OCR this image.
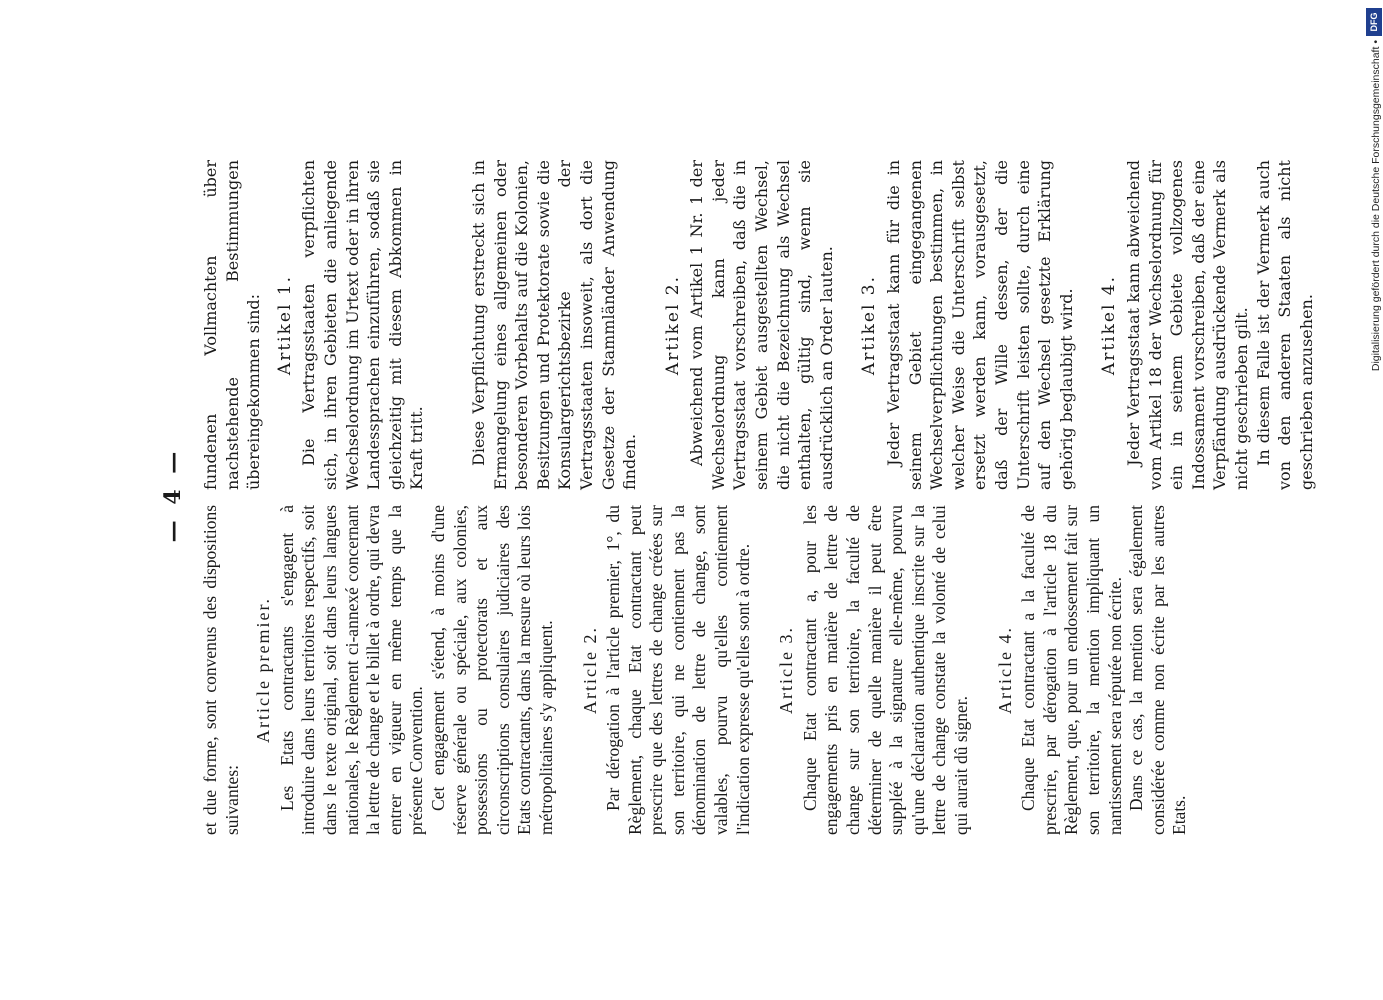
— 4 —

et due forme, sont convenus des dispositions suivantes:

Article premier. Les Etats contractants s'engagent à introduire dans leurs territoires respectifs, soit dans le texte original, soit dans leurs langues nationales, le Règlement ci-annexé concernant la lettre de change et le billet à ordre, qui devra entrer en vigueur en même temps que la présente Convention. Cet engagement s'étend, à moins d'une réserve générale ou spéciale, aux colonies, possessions ou protectorats et aux circonscriptions consulaires judiciaires des Etats contractants, dans la mesure où leurs lois métropolitaines s'y appliquent. Article 2. Par dérogation à l'article premier, 1°, du Règlement, chaque Etat contractant peut prescrire que des lettres de change créées sur son territoire, qui ne contiennent pas la dénomination de lettre de change, sont valables, pourvu qu'elles contiennent l'indication expresse qu'elles sont à ordre. Article 3. Chaque Etat contractant a, pour les engagements pris en matière de lettre de change sur son territoire, la faculté de déterminer de quelle manière il peut être suppléé à la signature elle-même, pourvu qu'une déclaration authentique inscrite sur la lettre de change constate la volonté de celui qui aurait dû signer.

Article 4. Chaque Etat contractant a la faculté de prescrire, par dérogation à l'article 18 du Règlement, que, pour un endossement fait sur son territoire, la mention impliquant un nantissement sera réputée non écrite. Dans ce cas, la mention sera également considérée comme non écrite par les autres Etats.

fundenen Vollmachten über nachstehende Bestimmungen übereingekommen sind: Artikel 1. Die Vertragsstaaten verpflichten sich, in ihren Gebieten die anliegende Wechselordnung im Urtext oder in ihren Landessprachen einzuführen, sodaß sie gleichzeitig mit diesem Abkommen in Kraft tritt.	Diese Verpflichtung erstreckt sich in Ermangelung eines allgemeinen oder besonderen Vorbehalts auf die Kolonien, Besitzungen und Protektorate sowie die Konsulargerichtsbezirke der Vertragsstaaten insoweit, als dort die Gesetze der Stammländer Anwendung finden.

Artikel 2. Abweichend vom Artikel 1 Nr. 1 der Wechselordnung kann jeder Vertragsstaat vorschreiben, daß die in seinem Gebiet ausgestellten Wechsel, die nicht die Bezeichnung als Wechsel enthalten, gültig sind, wenn sie ausdrücklich an Order lauten. Artikel 3. Jeder Vertragsstaat kann für die in seinem Gebiet eingegangenen Wechselverpflichtungen bestimmen, in welcher Weise die Unterschrift selbst ersetzt werden kann, vorausgesetzt, daß der Wille dessen, der die Unterschrift leisten sollte, durch eine auf den Wechsel gesetzte Erklärung gehörig beglaubigt wird. Artikel 4. Jeder Vertragsstaat kann abweichend vom Artikel 18 der Wechselordnung für ein in seinem Gebiete vollzogenes Indossament vorschreiben, daß der eine Verpfändung ausdrückende Vermerk als nicht geschrieben gilt. In diesem Falle ist der Vermerk auch von den anderen Staaten als nicht geschrieben anzusehen.

DFG
Digitalisierung gefördert durch die Deutsche Forschungsgemeinschaft •
